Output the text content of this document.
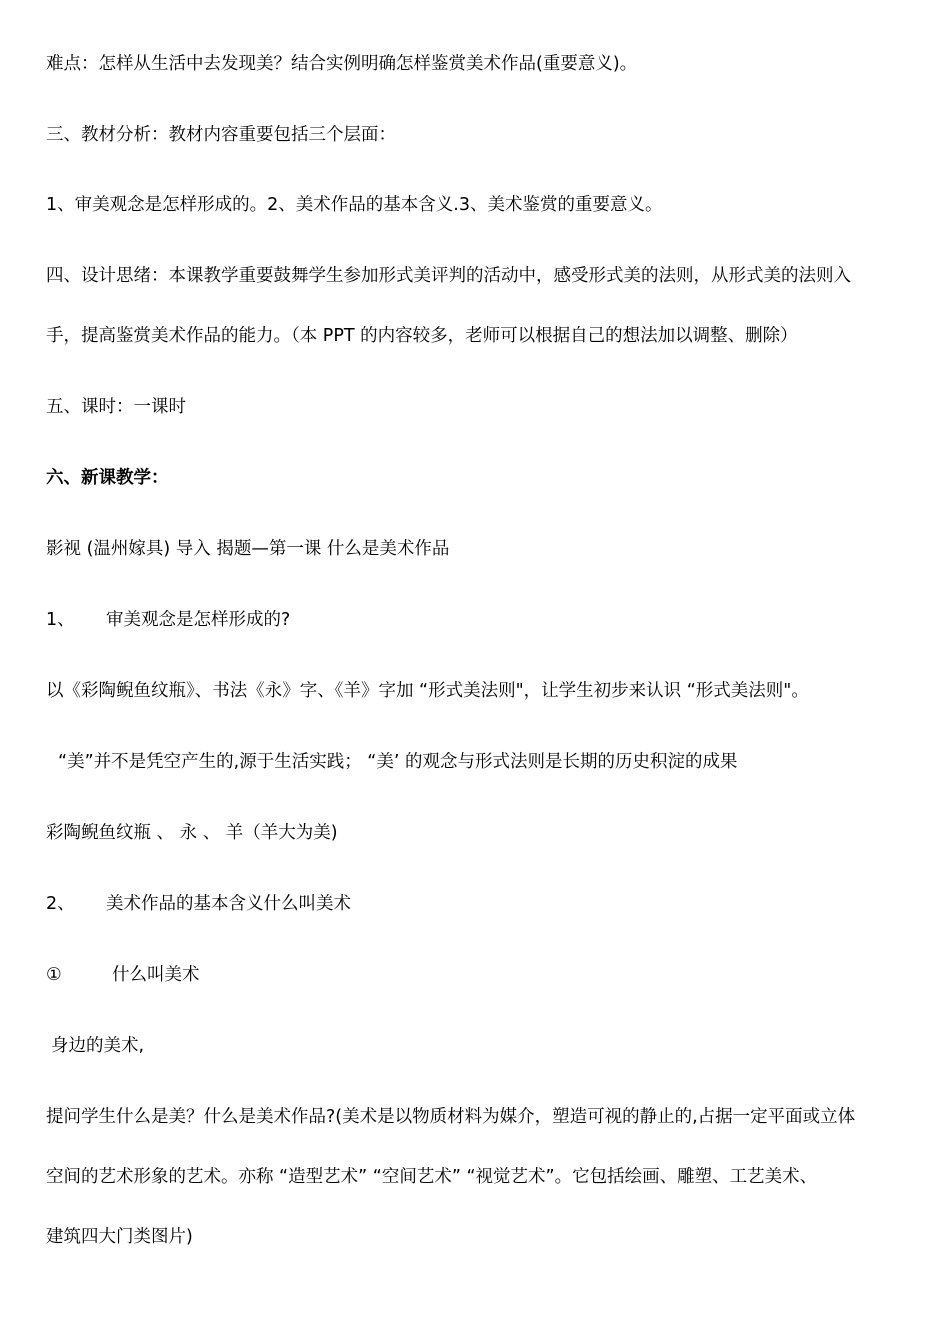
难点：怎样从生活中去发现美？结合实例明确怎样鉴赏美术作品(重要意义)。
三、教材分析：教材内容重要包括三个层面：
1、审美观念是怎样形成的。2、美术作品的基本含义.3、美术鉴赏的重要意义。
四、设计思绪：本课教学重要鼓舞学生参加形式美评判的活动中，感受形式美的法则，从形式美的法则入
手，提高鉴赏美术作品的能力。（本 PPT 的内容较多，老师可以根据自己的想法加以调整、删除）
五、课时：一课时
六、新课教学：
影视 (温州嫁具) 导入 揭题—第一课 什么是美术作品
1、 审美观念是怎样形成的?
以《彩陶鲵鱼纹瓶》、书法《永》字、《羊》字加 “形式美法则"，让学生初步来认识 “形式美法则"。
“美”并不是凭空产生的,源于生活实践； “美’ 的观念与形式法则是长期的历史积淀的成果
彩陶鲵鱼纹瓶 、 永 、 羊（羊大为美)
2、 美术作品的基本含义什么叫美术
①	什么叫美术
身边的美术,
提问学生什么是美？什么是美术作品?(美术是以物质材料为媒介，塑造可视的静止的,占据一定平面或立体
空间的艺术形象的艺术。亦称 “造型艺术” “空间艺术” “视觉艺术”。它包括绘画、雕塑、工艺美术、
建筑四大门类图片)
